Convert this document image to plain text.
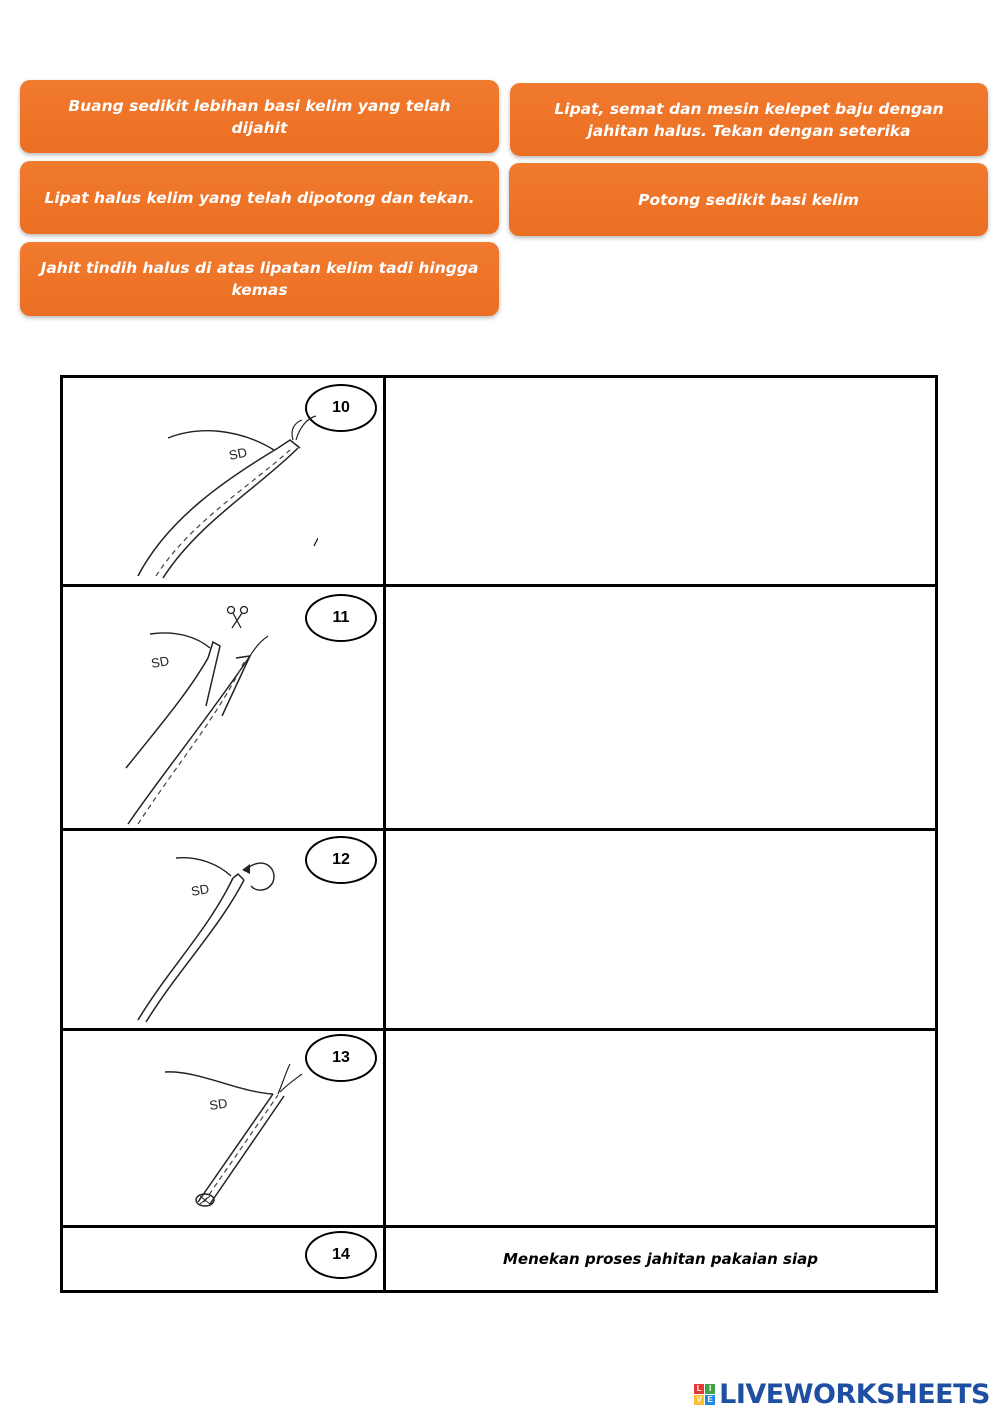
Buang sedikit lebihan basi kelim yang telah dijahit
Lipat, semat dan mesin kelepet baju dengan jahitan halus. Tekan dengan seterika
Lipat halus kelim yang telah dipotong dan tekan.	Potong sedikit basi kelim
Jahit tindih halus di atas lipatan kelim tadi hingga kemas
10
SD
11
SD
12
SD
13
SD
14	Menekan proses jahitan pakaian siap
L I
V E LIVEWORKSHEETS
